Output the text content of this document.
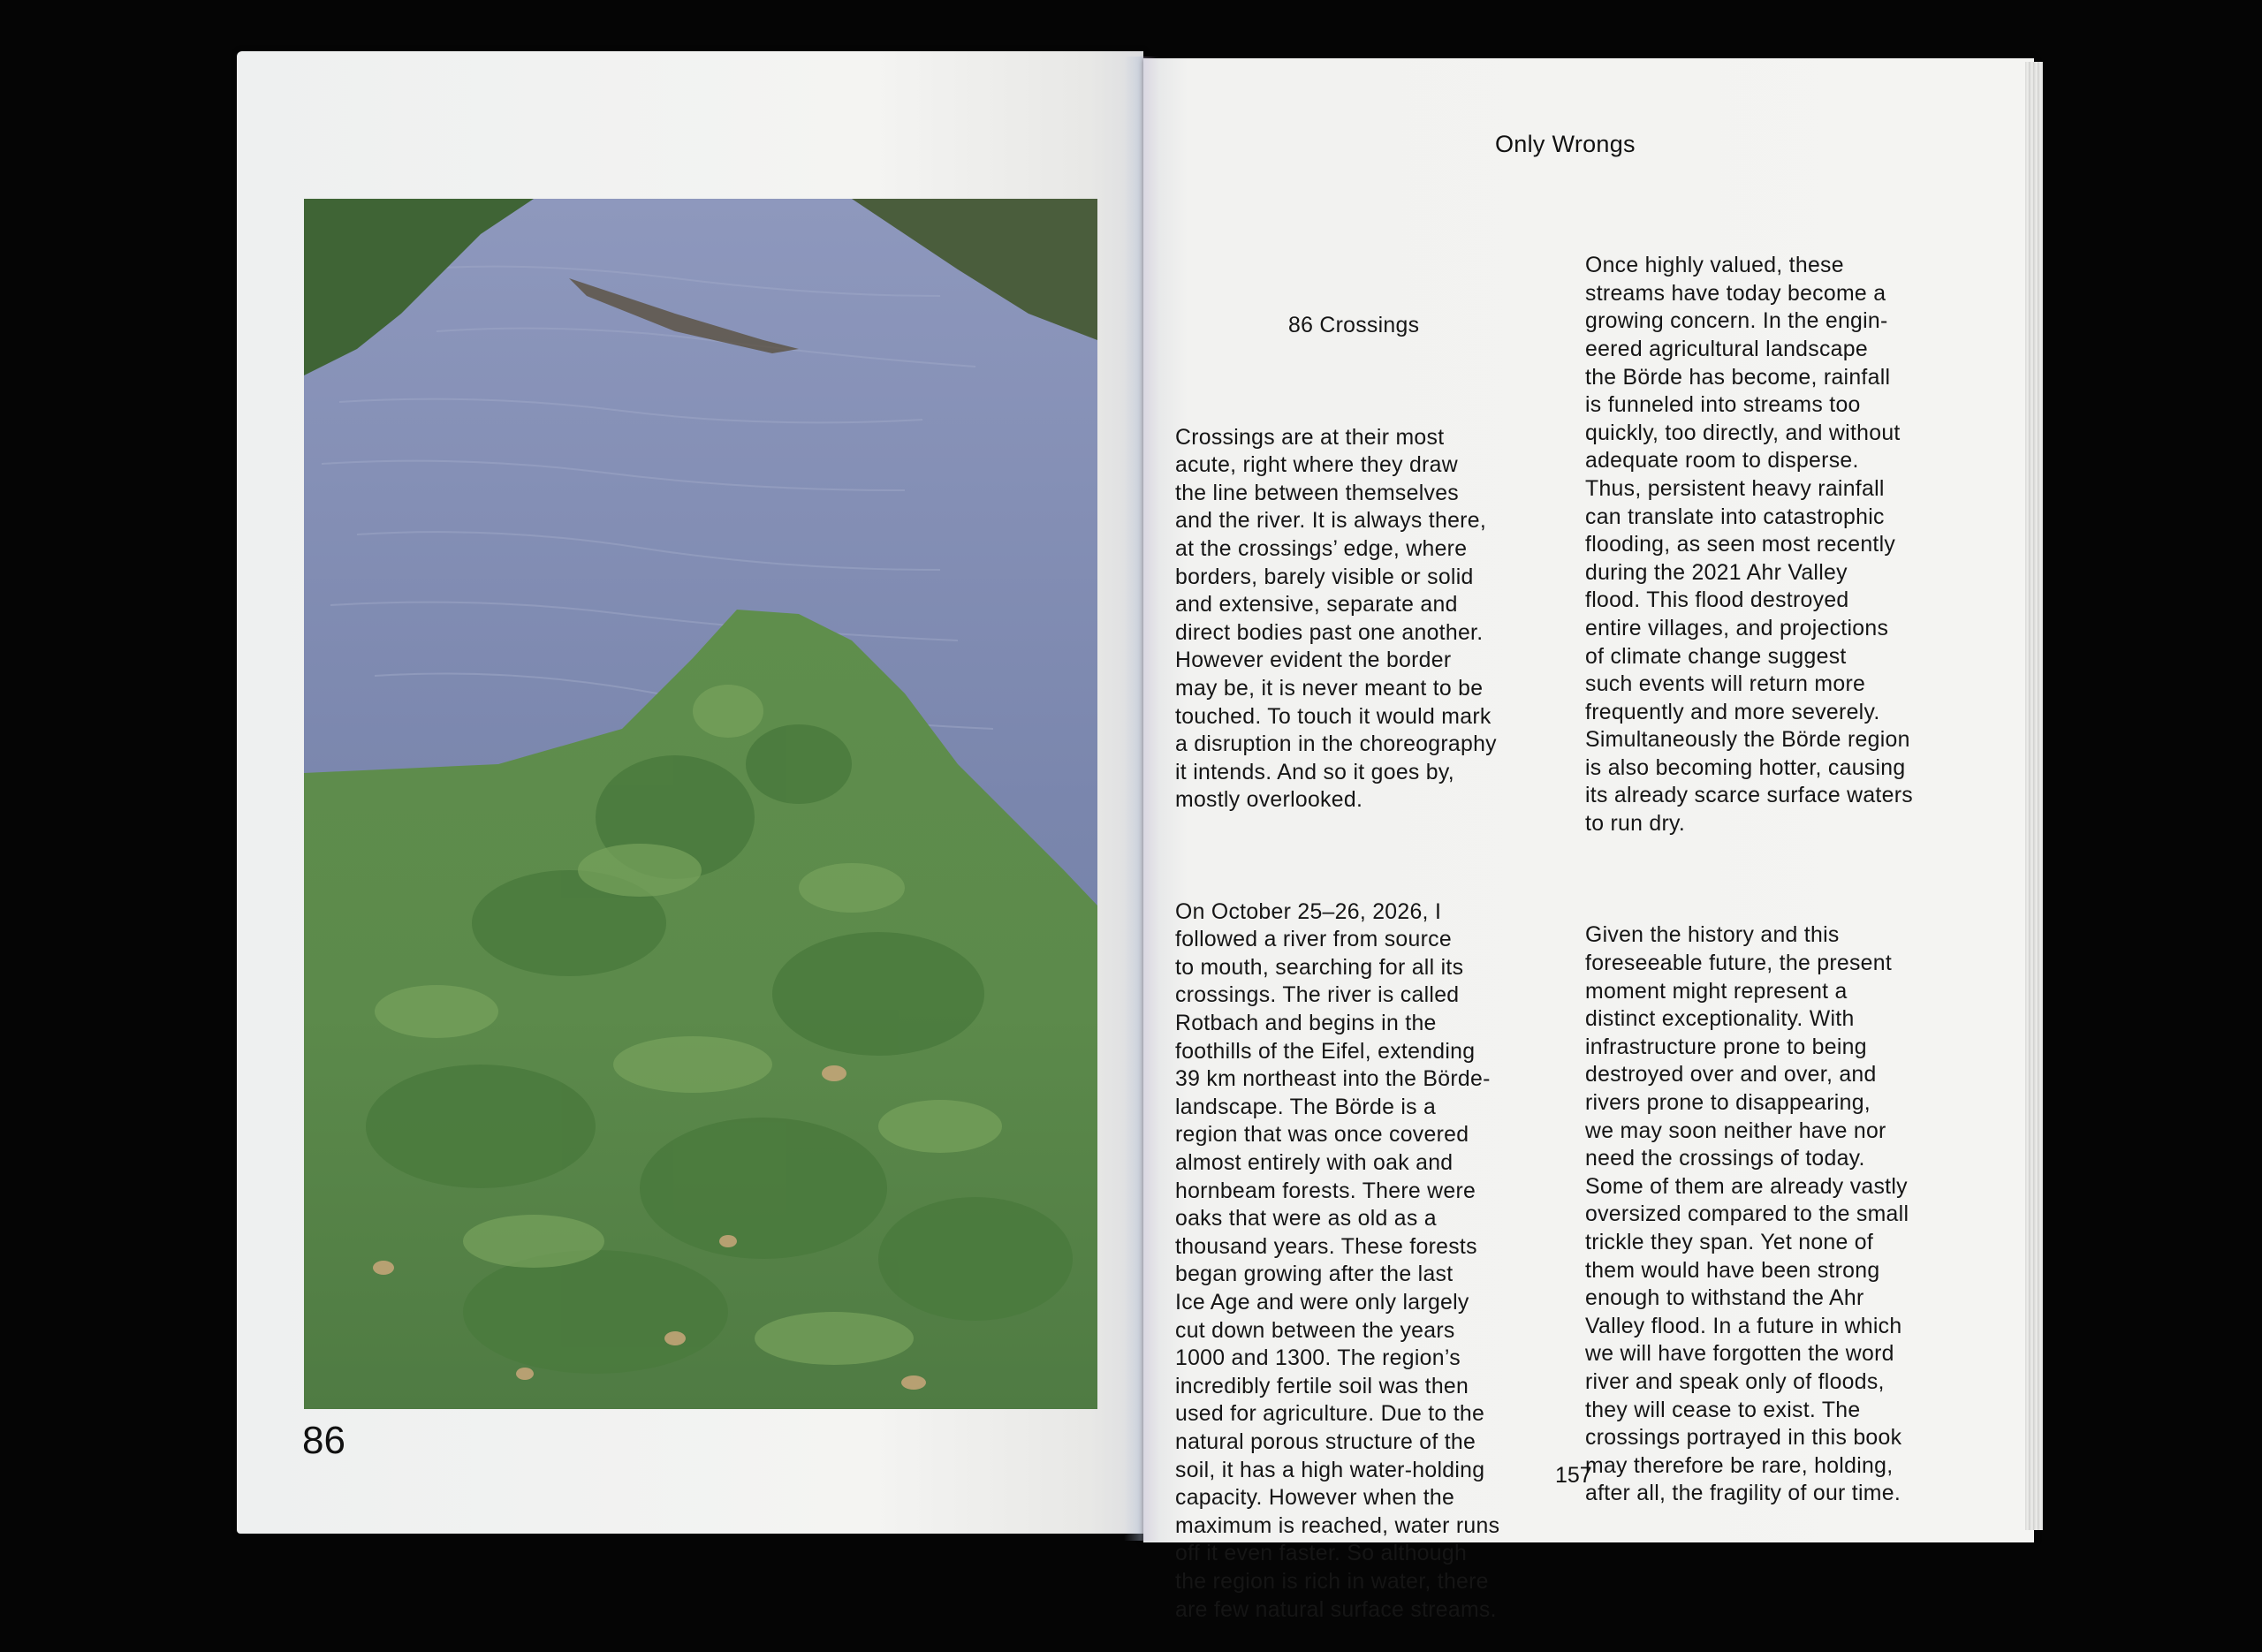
86
Only Wrongs

86 Crossings

Crossings are at their most
acute, right where they draw
the line between themselves
and the river. It is always there,
at the crossings’ edge, where
borders, barely visible or solid
and extensive, separate and
direct bodies past one another.
However evident the border
may be, it is never meant to be
touched. To touch it would mark
a disruption in the choreography
it intends. And so it goes by,
mostly overlooked.

On October 25–26, 2026, I
followed a river from source
to mouth, searching for all its
crossings. The river is called
Rotbach and begins in the
foothills of the Eifel, extending
39 km northeast into the Börde-
landscape. The Börde is a
region that was once covered
almost entirely with oak and
hornbeam forests. There were
oaks that were as old as a
thousand years. These forests
began growing after the last
Ice Age and were only largely
cut down between the years
1000 and 1300. The region’s
incredibly fertile soil was then
used for agriculture. Due to the
natural porous structure of the
soil, it has a high water-holding
capacity. However when the
maximum is reached, water runs
off it even faster. So although
the region is rich in water, there
are few natural surface streams.

Once highly valued, these
streams have today become a
growing concern. In the engin-
eered agricultural landscape
the Börde has become, rainfall
is funneled into streams too
quickly, too directly, and without
adequate room to disperse.
Thus, persistent heavy rainfall
can translate into catastrophic
flooding, as seen most recently
during the 2021 Ahr Valley
flood. This flood destroyed
entire villages, and projections
of climate change suggest
such events will return more
frequently and more severely.
Simultaneously the Börde region
is also becoming hotter, causing
its already scarce surface waters
to run dry.

Given the history and this
foreseeable future, the present
moment might represent a
distinct exceptionality. With
infrastructure prone to being
destroyed over and over, and
rivers prone to disappearing,
we may soon neither have nor
need the crossings of today.
Some of them are already vastly
oversized compared to the small
trickle they span. Yet none of
them would have been strong
enough to withstand the Ahr
Valley flood. In a future in which
we will have forgotten the word
river and speak only of floods,
they will cease to exist. The
crossings portrayed in this book
may therefore be rare, holding,
after all, the fragility of our time.

157
